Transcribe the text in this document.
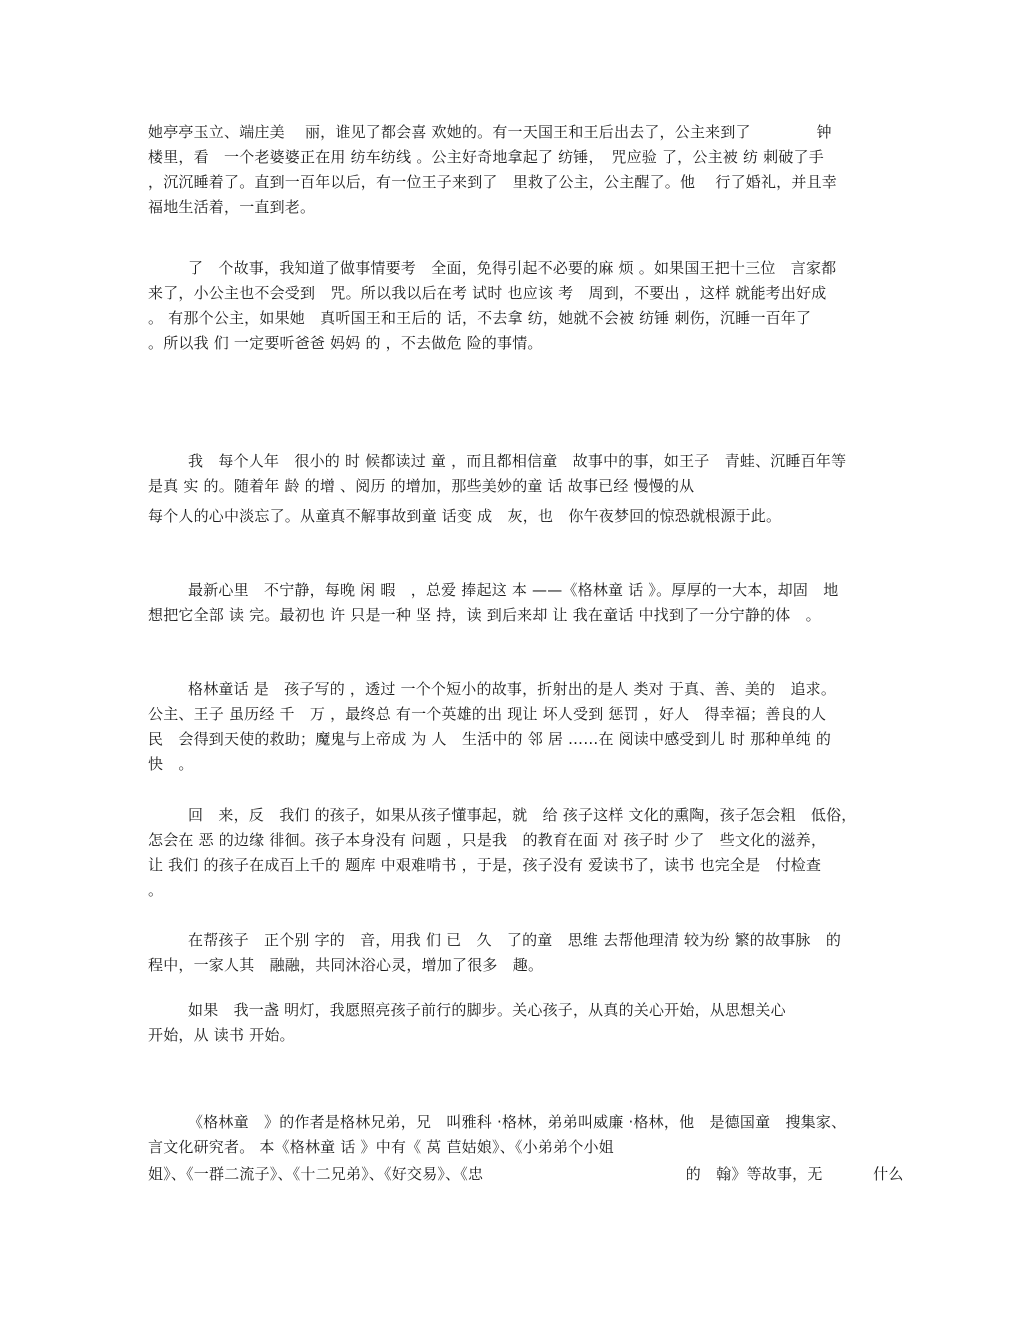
她亭亭玉立、端庄美　 丽，谁见了都会喜 欢她的。有一天国王和王后出去了，公主来到了　　　　 钟
楼里，看　一个老婆婆正在用 纺车纺线 。公主好奇地拿起了 纺锤，　咒应验 了，公主被 纺 刺破了手
，沉沉睡着了。直到一百年以后，有一位王子来到了　里救了公主，公主醒了。他　 行了婚礼，并且幸
福地生活着，一直到老。
了　个故事，我知道了做事情要考　全面，免得引起不必要的麻 烦 。如果国王把十三位　言家都
来了，小公主也不会受到　咒。所以我以后在考 试时 也应该 考　周到，不要出 ，这样 就能考出好成
。 有那个公主，如果她　真听国王和王后的 话，不去拿 纺，她就不会被 纺锤 刺伤，沉睡一百年了
。所以我 们 一定要听爸爸 妈妈 的 ，不去做危 险的事情。
我　每个人年　很小的 时 候都读过 童 ，而且都相信童　故事中的事，如王子　青蛙、沉睡百年等
是真 实 的。随着年 龄 的增 、阅历 的增加，那些美妙的童 话 故事已经 慢慢的从
每个人的心中淡忘了。从童真不解事故到童 话变 成　灰，也　你午夜梦回的惊恐就根源于此。
最新心里　不宁静，每晚 闲 暇　，总爱 捧起这 本 ——《格林童 话 》。厚厚的一大本，却固　地
想把它全部 读 完。最初也 许 只是一种 坚 持，读 到后来却 让 我在童话 中找到了一分宁静的体　。
格林童话 是　孩子写的 ，透过 一个个短小的故事，折射出的是人 类对 于真、善、美的　追求。
公主、王子 虽历经 千　万 ，最终总 有一个英雄的出 现让 坏人受到 惩罚 ，好人　得幸福；善良的人
民　会得到天使的救助；魔鬼与上帝成 为 人　生活中的 邻 居 ……在 阅读中感受到儿 时 那种单纯 的
快　。
回　来，反　我们 的孩子，如果从孩子懂事起，就　给 孩子这样 文化的熏陶，孩子怎会粗　低俗，
怎会在 恶 的边缘 徘徊。孩子本身没有 问题 ，只是我　的教育在面 对 孩子时 少了　些文化的滋养，
让 我们 的孩子在成百上千的 题库 中艰难啃书 ，于是，孩子没有 爱读书了，读书 也完全是　付检查
。
在帮孩子　正个别 字的　音，用我 们 已　久　了的童　思维 去帮他理清 较为纷 繁的故事脉　的
程中，一家人其　融融，共同沐浴心灵，增加了很多　趣。
如果　我一盏 明灯，我愿照亮孩子前行的脚步。关心孩子，从真的关心开始，从思想关心
开始，从 读书 开始。
《格林童　》的作者是格林兄弟，兄　叫雅科 ·格林，弟弟叫威廉 ·格林，他　是德国童　搜集家、
言文化研究者。 本《格林童 话 》中有《 莴 苣姑娘》、《小弟弟个小姐
姐》、《一群二流子》、《十二兄弟》、《好交易》、《忠　　　　　　　　　　　　　 的　翰》等故事，无　　　 什么
